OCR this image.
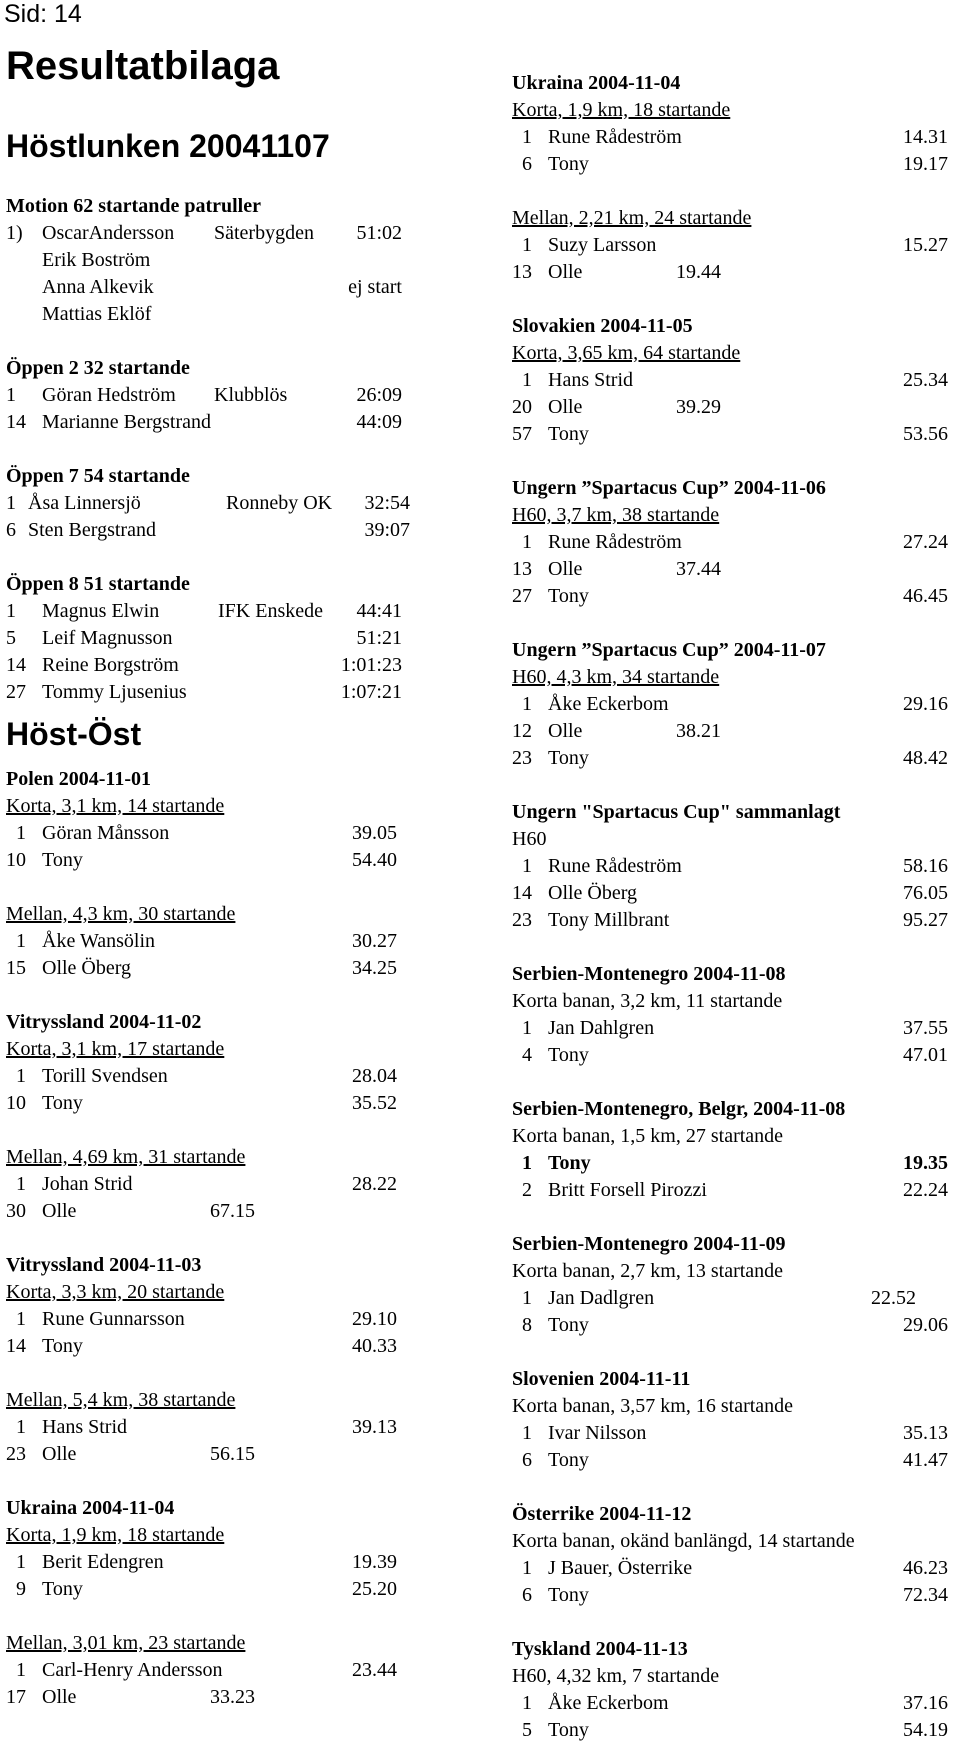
Sid: 14
Resultatbilaga
Höstlunken 20041107
Motion 62 startande patruller
1) OscarAndersson Säterbygden 51:02
Erik Boström
Anna Alkevik	ej start
Mattias Eklöf
Öppen 2 32 startande
1 Göran Hedström Klubblös	26:09
14 Marianne Bergstrand	44:09
Öppen 7 54 startande
1 Åsa Linnersjö	Ronneby OK 32:54
6 Sten Bergstrand	39:07
Öppen 8 51 startande
1 Magnus Elwin	IFK Enskede 44:41
5 Leif Magnusson	51:21
14 Reine Borgström	1:01:23
27 Tommy Ljusenius	1:07:21
Höst-Öst
Polen 2004-11-01
Korta, 3,1 km, 14 startande
1 Göran Månsson	39.05
10 Tony	54.40
Mellan, 4,3 km, 30 startande
1 Åke Wansölin	30.27
15 Olle Öberg	34.25
Vitryssland 2004-11-02
Korta, 3,1 km, 17 startande
1 Torill Svendsen	28.04
10 Tony	35.52
Mellan, 4,69 km, 31 startande
1 Johan Strid	28.22
30 Olle	67.15
Vitryssland 2004-11-03
Korta, 3,3 km, 20 startande
1 Rune Gunnarsson	29.10
14 Tony	40.33
Mellan, 5,4 km, 38 startande
1 Hans Strid	39.13
23 Olle	56.15
Ukraina 2004-11-04
Korta, 1,9 km, 18 startande
1 Berit Edengren	19.39
9 Tony	25.20
Mellan, 3,01 km, 23 startande
1 Carl-Henry Andersson	23.44
17 Olle	33.23
Ukraina 2004-11-04
Korta, 1,9 km, 18 startande
1 Rune Rådeström	14.31
6 Tony	19.17
Mellan, 2,21 km, 24 startande
1 Suzy Larsson	15.27
13 Olle	19.44
Slovakien 2004-11-05
Korta, 3,65 km, 64 startande
1 Hans Strid	25.34
20 Olle	39.29
57 Tony	53.56
Ungern ”Spartacus Cup” 2004-11-06
H60, 3,7 km, 38 startande
1 Rune Rådeström	27.24
13 Olle	37.44
27 Tony	46.45
Ungern ”Spartacus Cup” 2004-11-07
H60, 4,3 km, 34 startande
1 Åke Eckerbom	29.16
12 Olle	38.21
23 Tony	48.42
Ungern "Spartacus Cup" sammanlagt
H60
1 Rune Rådeström	58.16
14 Olle Öberg	76.05
23 Tony Millbrant	95.27
Serbien-Montenegro 2004-11-08
Korta banan, 3,2 km, 11 startande
1 Jan Dahlgren	37.55
4 Tony	47.01
Serbien-Montenegro, Belgr, 2004-11-08
Korta banan, 1,5 km, 27 startande
1 Tony	19.35
2 Britt Forsell Pirozzi	22.24
Serbien-Montenegro 2004-11-09
Korta banan, 2,7 km, 13 startande
1 Jan Dadlgren	22.52
8 Tony	29.06
Slovenien 2004-11-11
Korta banan, 3,57 km, 16 startande
1 Ivar Nilsson	35.13
6 Tony	41.47
Österrike 2004-11-12
Korta banan, okänd banlängd, 14 startande
1 J Bauer, Österrike	46.23
6 Tony	72.34
Tyskland 2004-11-13
H60, 4,32 km, 7 startande
1 Åke Eckerbom	37.16
5 Tony	54.19
